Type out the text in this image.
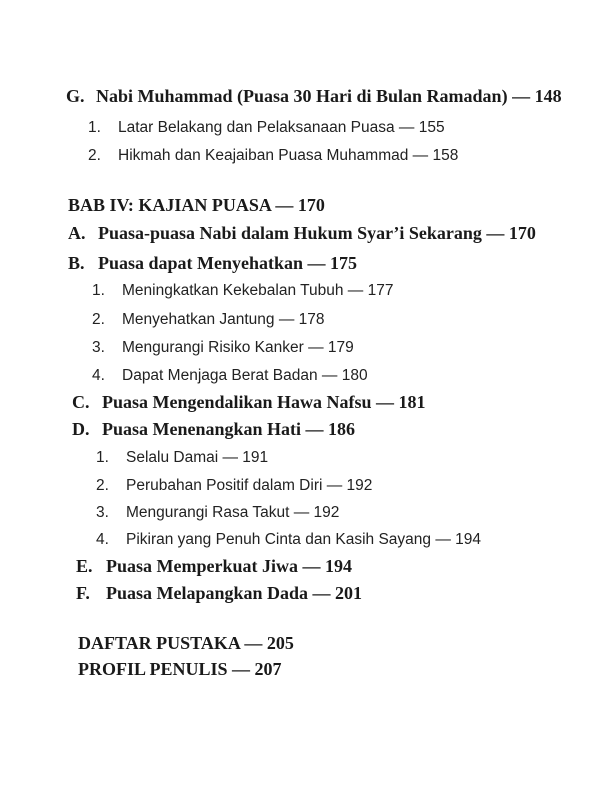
G. Nabi Muhammad (Puasa 30 Hari di Bulan Ramadan) — 148
1. Latar Belakang dan Pelaksanaan Puasa — 155
2. Hikmah dan Keajaiban Puasa Muhammad — 158
BAB IV: KAJIAN PUASA — 170
A. Puasa-puasa Nabi dalam Hukum Syar’i Sekarang — 170
B. Puasa dapat Menyehatkan — 175
1. Meningkatkan Kekebalan Tubuh — 177
2. Menyehatkan Jantung — 178
3. Mengurangi Risiko Kanker — 179
4. Dapat Menjaga Berat Badan — 180
C. Puasa Mengendalikan Hawa Nafsu — 181
D. Puasa Menenangkan Hati — 186
1. Selalu Damai — 191
2. Perubahan Positif dalam Diri — 192
3. Mengurangi Rasa Takut — 192
4. Pikiran yang Penuh Cinta dan Kasih Sayang — 194
E. Puasa Memperkuat Jiwa — 194
F. Puasa Melapangkan Dada — 201
DAFTAR PUSTAKA — 205
PROFIL PENULIS — 207
